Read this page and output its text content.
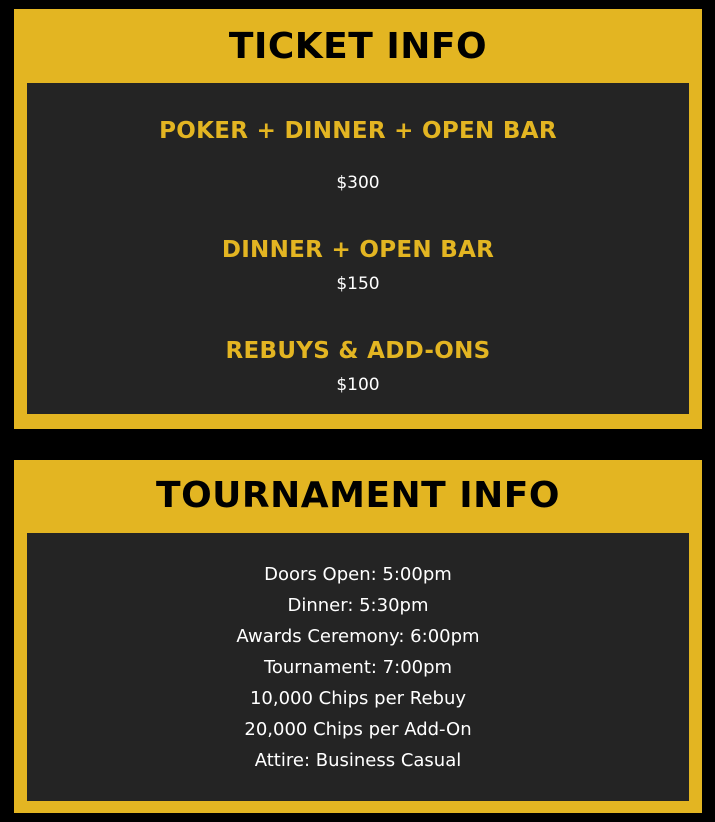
TICKET INFO
POKER + DINNER + OPEN BAR
$300
DINNER + OPEN BAR
$150
REBUYS & ADD-ONS
$100
TOURNAMENT INFO
Doors Open: 5:00pm
Dinner: 5:30pm
Awards Ceremony: 6:00pm
Tournament: 7:00pm
10,000 Chips per Rebuy
20,000 Chips per Add-On
Attire: Business Casual
